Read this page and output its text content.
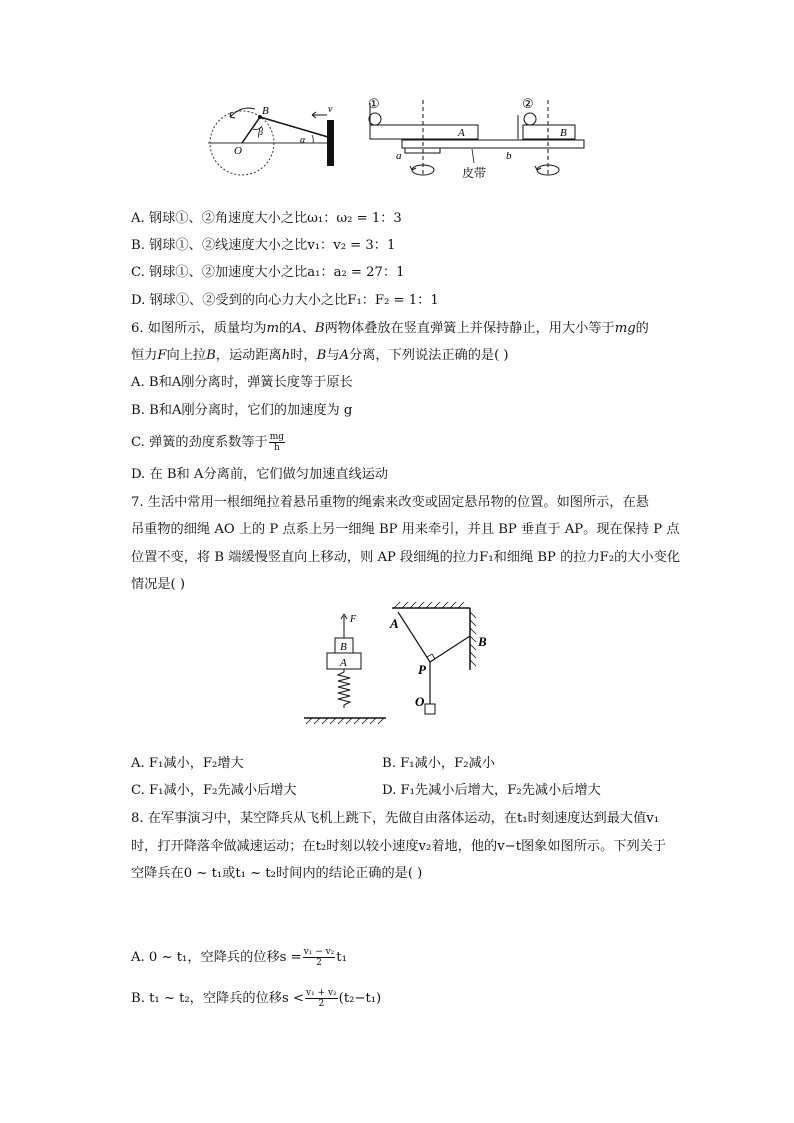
B
O
β
α
v	①
A
②
B
a	b
皮带
A. 钢球①、②角速度大小之比ω₁：ω₂ = 1：3
B. 钢球①、②线速度大小之比v₁：v₂ = 3：1
C. 钢球①、②加速度大小之比a₁：a₂ = 27：1
D. 钢球①、②受到的向心力大小之比F₁：F₂ = 1：1
6. 如图所示，质量均为m的A、B两物体叠放在竖直弹簧上并保持静止，用大小等于mg的
恒力F向上拉B，运动距离h时，B与A分离，下列说法正确的是( )
A. B和A刚分离时，弹簧长度等于原长
B. B和A刚分离时，它们的加速度为 g
C. 弹簧的劲度系数等于 $\frac{mg}{h}$
D. 在 B和 A分离前，它们做匀加速直线运动
7. 生活中常用一根细绳拉着悬吊重物的绳索来改变或固定悬吊物的位置。如图所示，在悬
吊重物的细绳 AO 上的 P 点系上另一细绳 BP 用来牵引，并且 BP 垂直于 AP。现在保持 P 点
位置不变，将 B 端缓慢竖直向上移动，则 AP 段细绳的拉力F₁和细绳 BP 的拉力F₂的大小变化
情况是( )
F
B
A
A
B
P
O
A. F₁减小，F₂增大	B. F₁减小，F₂减小
C. F₁减小，F₂先减小后增大	D. F₁先减小后增大，F₂先减小后增大
8. 在军事演习中，某空降兵从飞机上跳下，先做自由落体运动，在t₁时刻速度达到最大值v₁
时，打开降落伞做减速运动；在t₂时刻以较小速度v₂着地，他的v−t图象如图所示。下列关于
空降兵在0 ~ t₁或t₁ ~ t₂时间内的结论正确的是( )
A. 0 ~ t₁，空降兵的位移$s = \frac{\text{v₁ − v₂}}{2} t_1$
B. t₁ ~ t₂，空降兵的位移$s < \frac{\text{v₁ + v₂}}{2} (t_2-t_1)$
